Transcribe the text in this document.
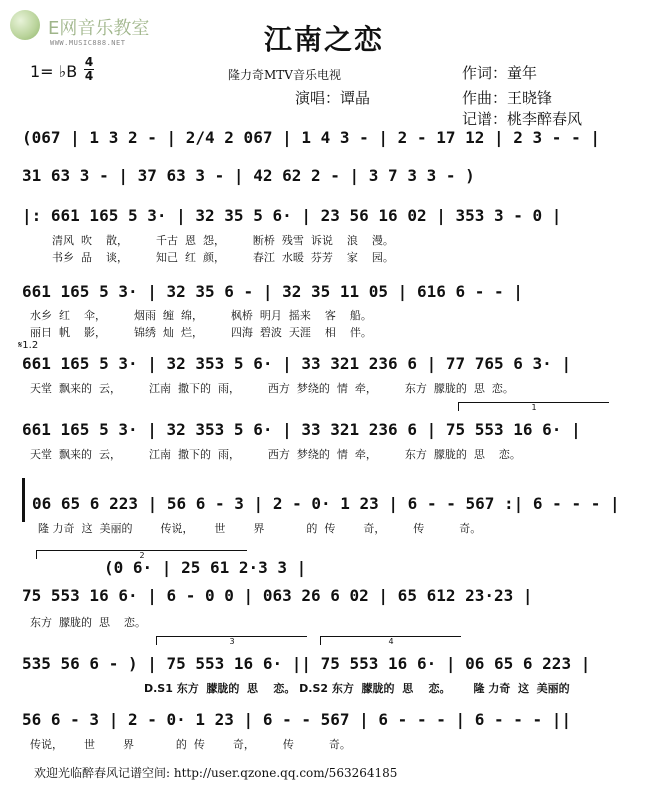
E网音乐教室
WWW.MUSIC888.NET	江南之恋
1= ♭B 4
4	隆力奇MTV音乐电视
演唱：谭晶
作词：童年
作曲：王晓锋
记谱：桃李醉春风
(067 | 1 3 2 - | 2/4 2 067 | 1 4 3 - | 2 - 17 12 | 2 3 - - |
31 63 3 - | 37 63 3 - | 42 62 2 - | 3 7 3 3 - )
|: 661 165 5 3· | 32 35 5 6· | 23 56 16 02 | 353 3 - 0 |
清风  吹    散，        千古  恩  怨，        断桥  残雪  诉说    浪    漫。
书乡  品    谈，        知己  红  颜，        春江  水暖  芬芳    家    园。
661 165 5 3· | 32 35 6 - | 32 35 11 05 | 616 6 - - |
水乡  红    伞，        烟雨  缠  绵，        枫桥  明月  摇来    客    船。
丽日  帆    影，        锦绣  灿  烂，        四海  碧波  天涯    相    伴。
𝄋1.2
661 165 5 3· | 32 353 5 6· | 33 321 236 6 | 77 765 6 3· |
天堂  飘来的  云，        江南  撒下的  雨，        西方  梦绕的  情  牵，        东方  朦胧的  思  恋。
1
661 165 5 3· | 32 353 5 6· | 33 321 236 6 | 75 553 16 6· |
天堂  飘来的  云，        江南  撒下的  雨，        西方  梦绕的  情  牵，        东方  朦胧的  思    恋。
06 65 6 223 | 56 6 - 3 | 2 - 0· 1 23 | 6 - - 567 :| 6 - - - |
隆 力奇  这  美丽的        传说，      世        界            的  传        奇，        传          奇。
2
(0 6· | 25 61 2·3 3 |
75 553 16 6· | 6 - 0 0 | 063 26 6 02 | 65 612 23·23 |
东方  朦胧的  思    恋。
3	4
535 56 6 - ) | 75 553 16 6· || 75 553 16 6· | 06 65 6 223 |
D.S1 东方  朦胧的  思    恋。 D.S2 东方  朦胧的  思    恋。      隆 力奇  这  美丽的
56 6 - 3 | 2 - 0· 1 23 | 6 - - 567 | 6 - - - | 6 - - - ||
传说，      世        界            的  传        奇，        传          奇。
欢迎光临醉春风记谱空间: http://user.qzone.qq.com/563264185
